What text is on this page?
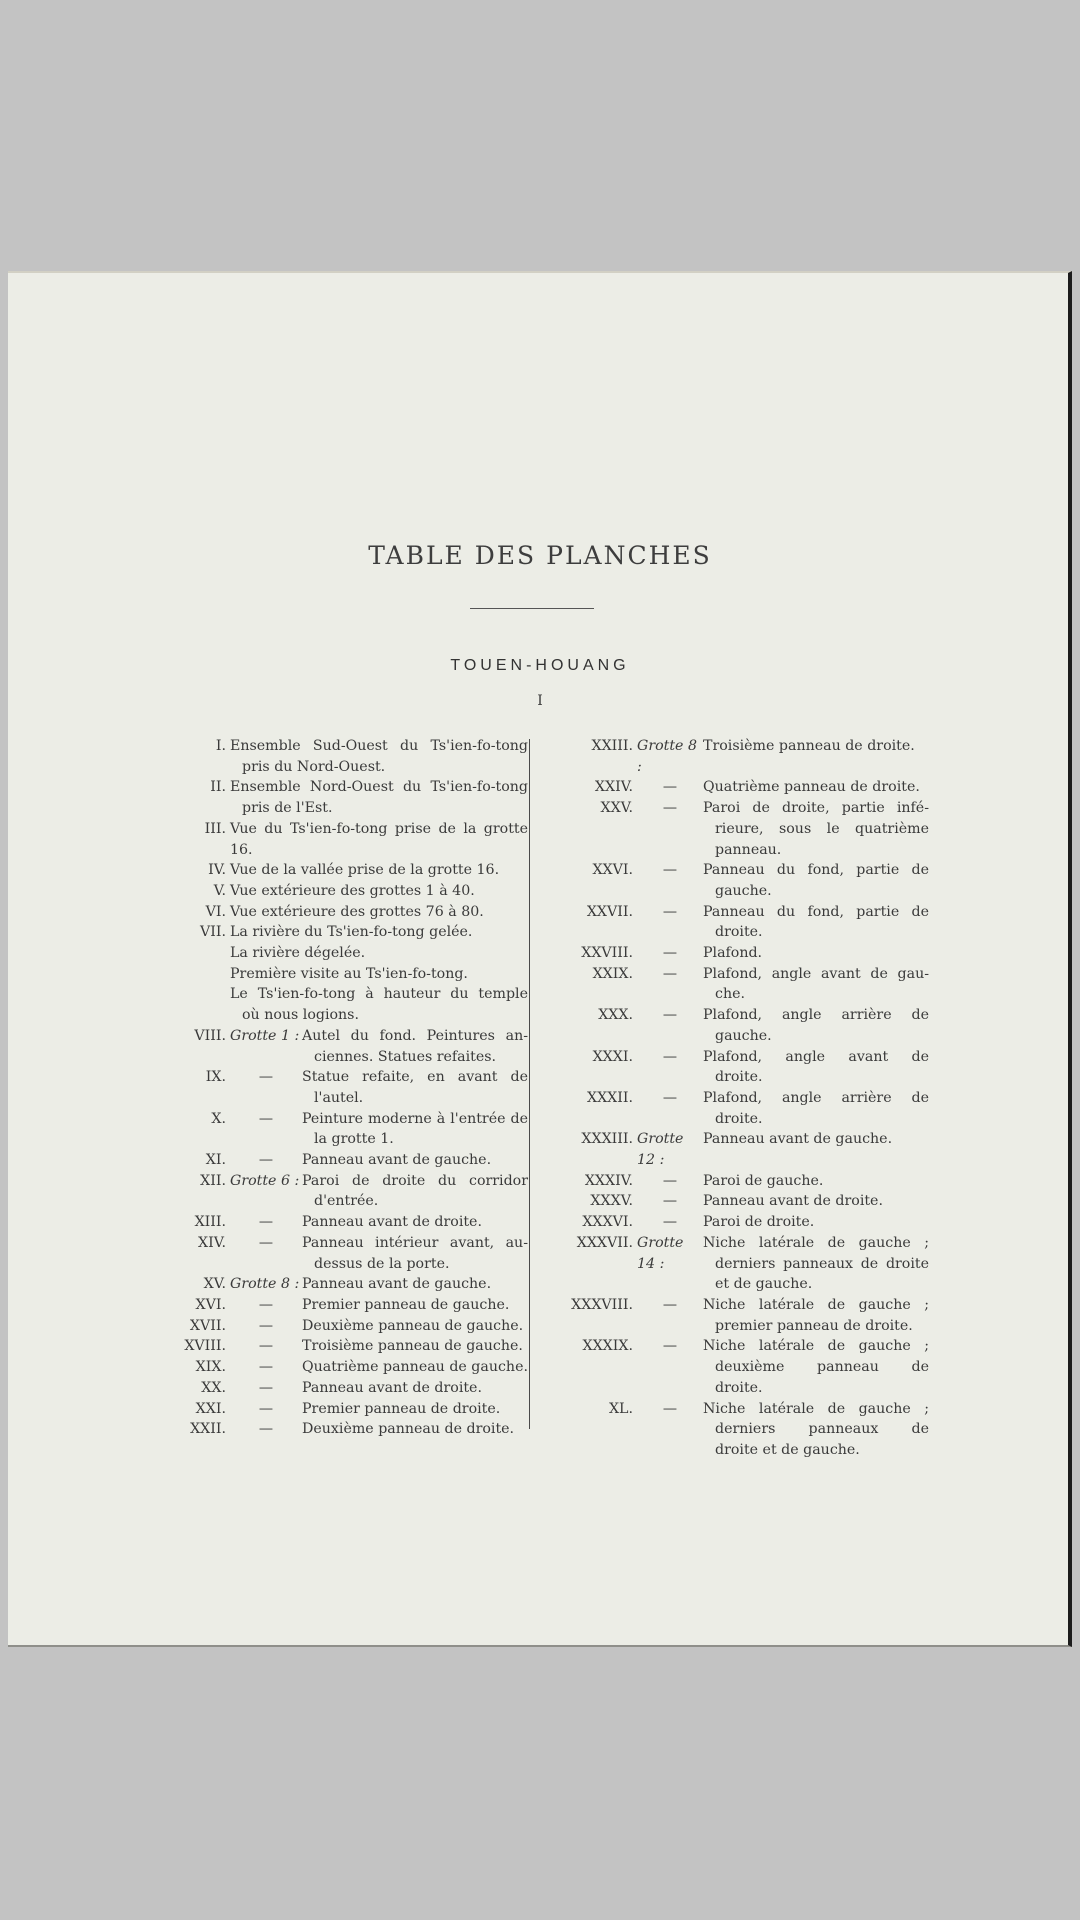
TABLE DES PLANCHES
TOUEN-HOUANG
I
I. Ensemble Sud-Ouest du Ts'ien-fo-tong
pris du Nord-Ouest.
II. Ensemble Nord-Ouest du Ts'ien-fo-tong
pris de l'Est.
III. Vue du Ts'ien-fo-tong prise de la grotte 16.
IV. Vue de la vallée prise de la grotte 16.
V. Vue extérieure des grottes 1 à 40.
VI. Vue extérieure des grottes 76 à 80.
VII. La rivière du Ts'ien-fo-tong gelée.
La rivière dégelée.
Première visite au Ts'ien-fo-tong.
Le Ts'ien-fo-tong à hauteur du temple
où nous logions.
VIII. Grotte 1 : Autel du fond. Peintures an-
ciennes. Statues refaites.
IX.	—	Statue refaite, en avant de
l'autel.
X.	—	Peinture moderne à l'entrée de
la grotte 1.
XI.	—	Panneau avant de gauche.
XII. Grotte 6 : Paroi de droite du corridor
d'entrée.
XIII.	—	Panneau avant de droite.
XIV.	—	Panneau intérieur avant, au-
dessus de la porte.
XV. Grotte 8 : Panneau avant de gauche.
XVI.	—	Premier panneau de gauche.
XVII.	—	Deuxième panneau de gauche.
XVIII.	—	Troisième panneau de gauche.
XIX.	—	Quatrième panneau de gauche.
XX.	—	Panneau avant de droite.
XXI.	—	Premier panneau de droite.
XXII.	—	Deuxième panneau de droite.
XXIII. Grotte 8 :
Troisième panneau de droite.
XXIV.	—	Quatrième panneau de droite.
XXV.	—	Paroi de droite, partie infé-
rieure, sous le quatrième
panneau.
XXVI.	—	Panneau du fond, partie de
gauche.
XXVII.	—	Panneau du fond, partie de
droite.
XXVIII.	—	Plafond.
XXIX.	—	Plafond, angle avant de gau-
che.
XXX.	—	Plafond, angle arrière de
gauche.
XXXI.	—	Plafond, angle avant de
droite.
XXXII.	—	Plafond, angle arrière de
droite.
XXXIII. Grotte 12 :
Panneau avant de gauche.
XXXIV.	—	Paroi de gauche.
XXXV.	—	Panneau avant de droite.
XXXVI.	—	Paroi de droite.
XXXVII. Grotte 14 :
Niche latérale de gauche ;
derniers panneaux de droite
et de gauche.
XXXVIII.	—	Niche latérale de gauche ;
premier panneau de droite.
XXXIX.	—	Niche latérale de gauche ;
deuxième panneau de
droite.
XL.	—	Niche latérale de gauche ;
derniers panneaux de
droite et de gauche.
